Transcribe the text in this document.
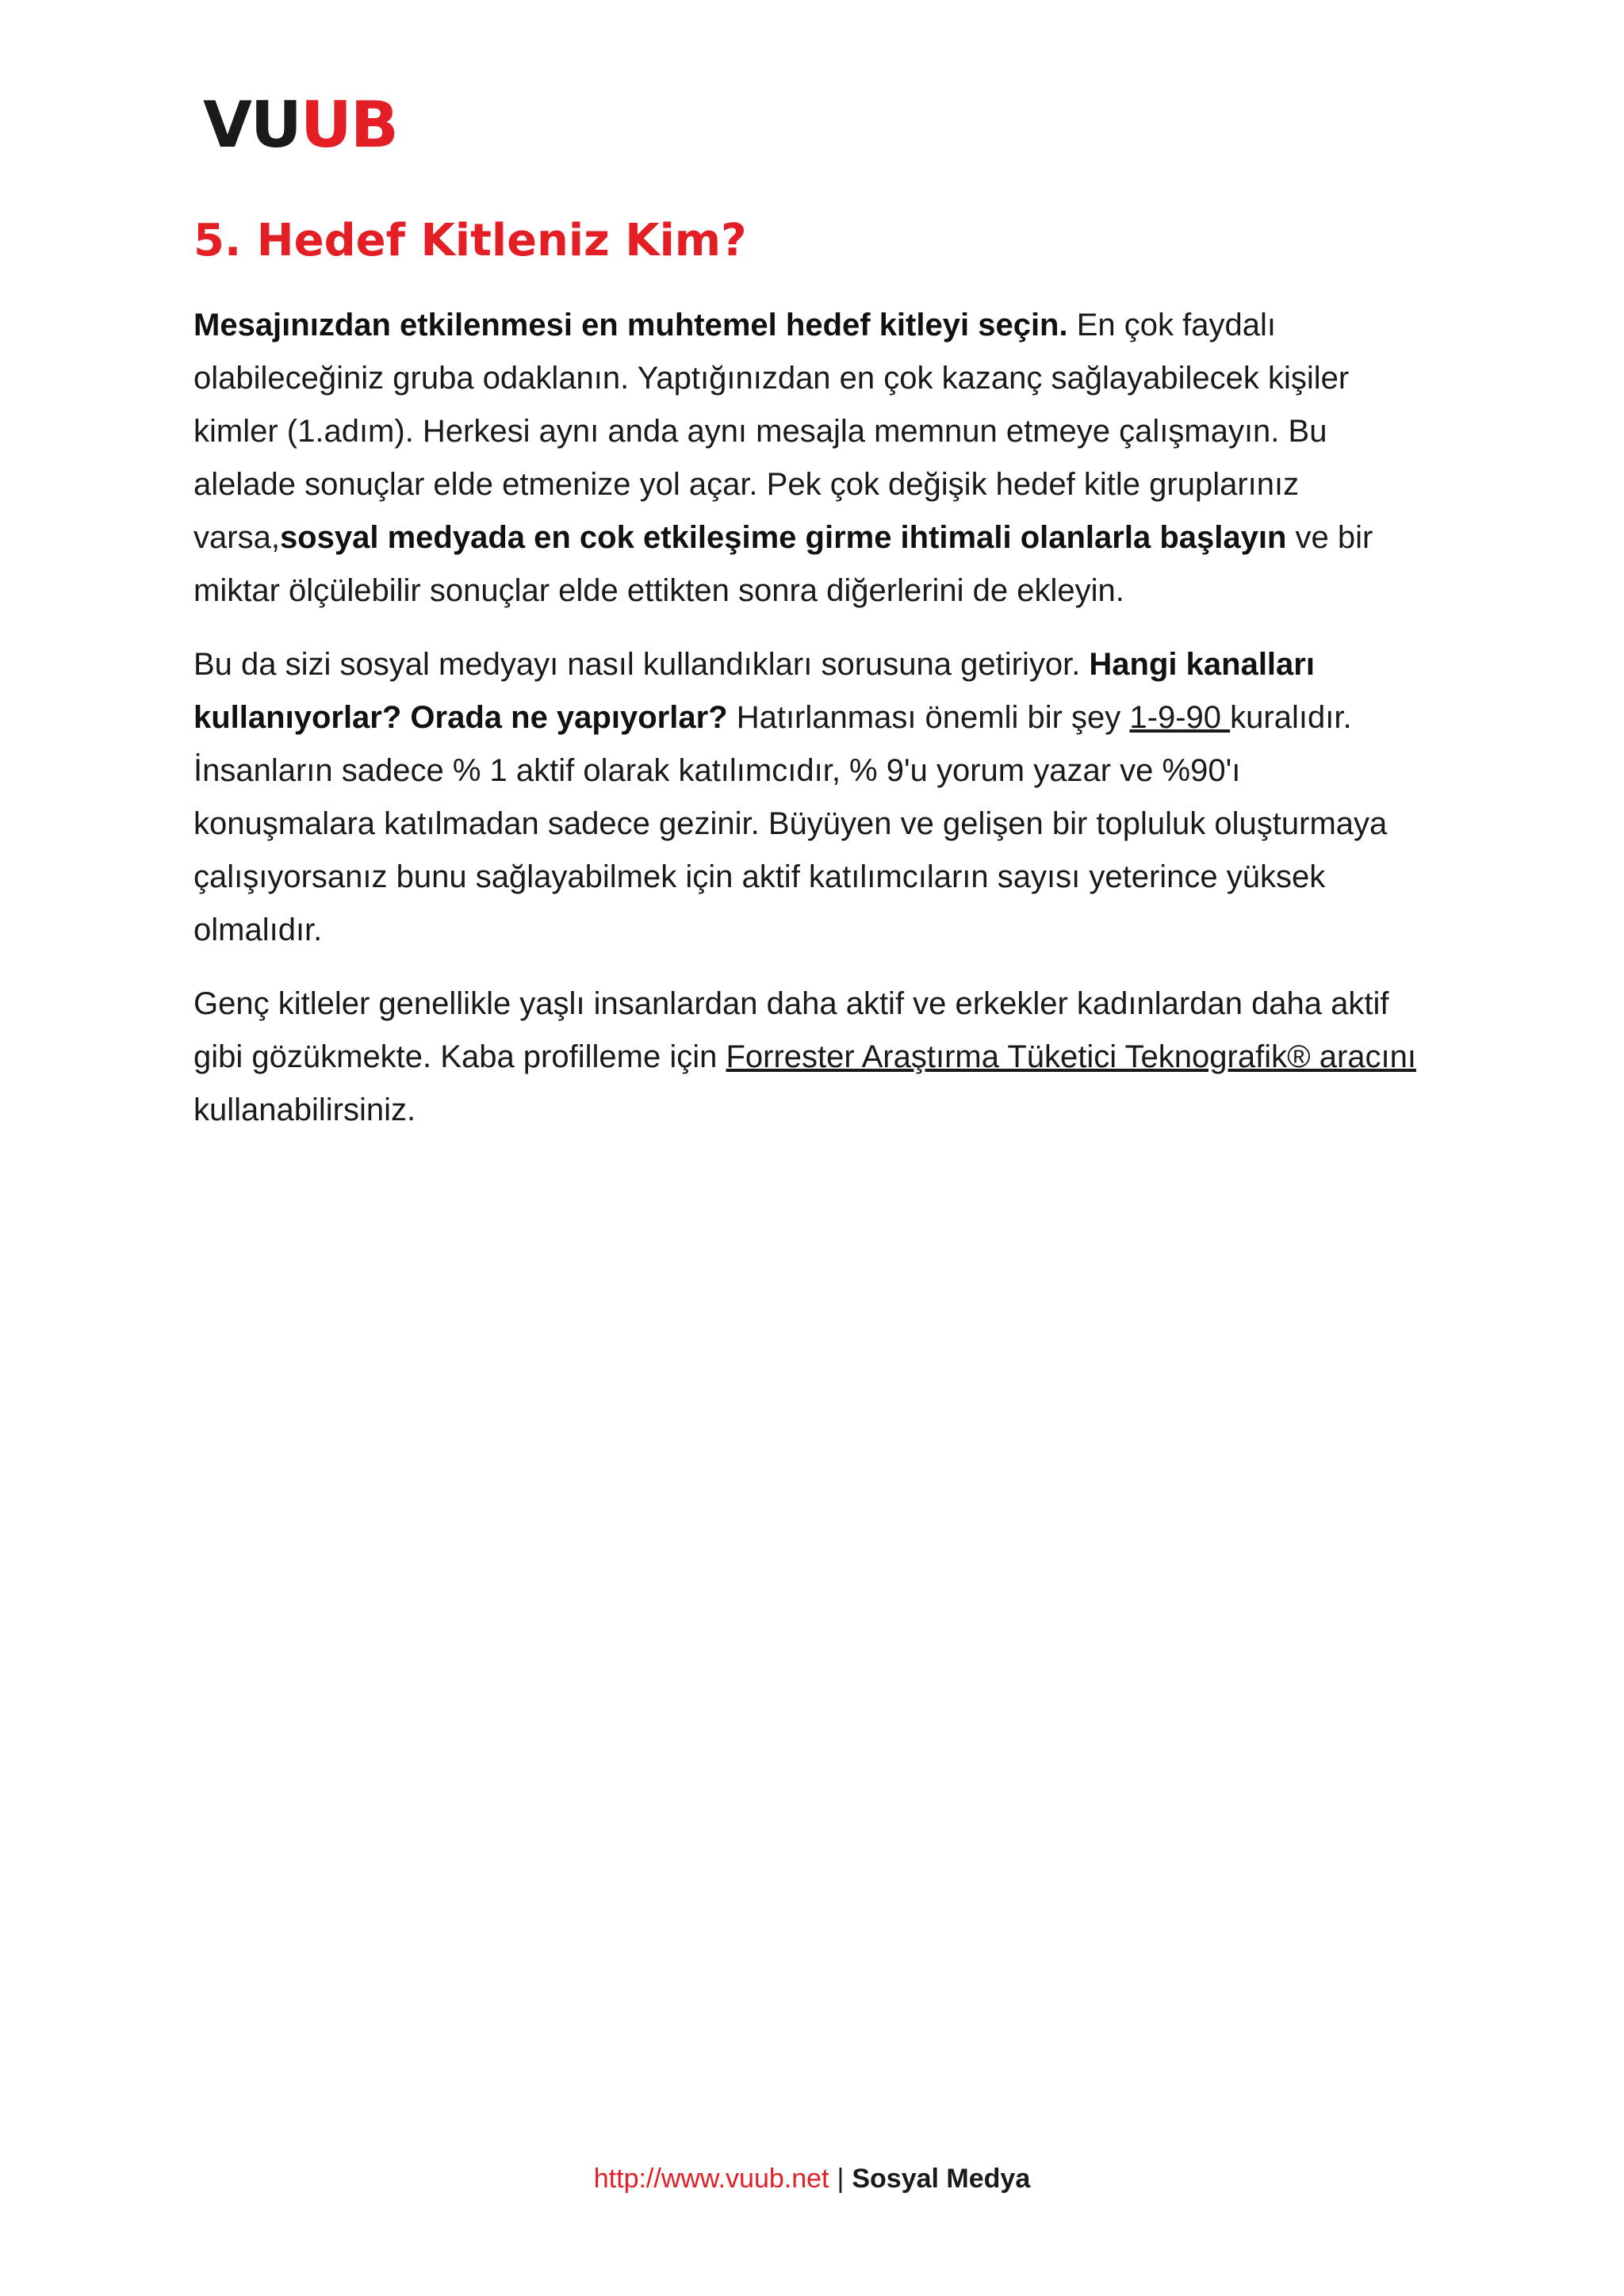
VUUB
5. Hedef Kitleniz Kim?

Mesajınızdan etkilenmesi en muhtemel hedef kitleyi seçin. En çok faydalı olabileceğiniz gruba odaklanın. Yaptığınızdan en çok kazanç sağlayabilecek kişiler kimler (1.adım). Herkesi aynı anda aynı mesajla memnun etmeye çalışmayın. Bu alelade sonuçlar elde etmenize yol açar. Pek çok değişik hedef kitle gruplarınız varsa,sosyal medyada en cok etkileşime girme ihtimali olanlarla başlayın ve bir miktar ölçülebilir sonuçlar elde ettikten sonra diğerlerini de ekleyin.

Bu da sizi sosyal medyayı nasıl kullandıkları sorusuna getiriyor. Hangi kanalları kullanıyorlar? Orada ne yapıyorlar? Hatırlanması önemli bir şey 1-9-90 kuralıdır. İnsanların sadece % 1 aktif olarak katılımcıdır, % 9'u yorum yazar ve %90'ı konuşmalara katılmadan sadece gezinir. Büyüyen ve gelişen bir topluluk oluşturmaya çalışıyorsanız bunu sağlayabilmek için aktif katılımcıların sayısı yeterince yüksek olmalıdır.

Genç kitleler genellikle yaşlı insanlardan daha aktif ve erkekler kadınlardan daha aktif gibi gözükmekte. Kaba profilleme için Forrester Araştırma Tüketici Teknografik® aracını kullanabilirsiniz.

http://www.vuub.net | Sosyal Medya
